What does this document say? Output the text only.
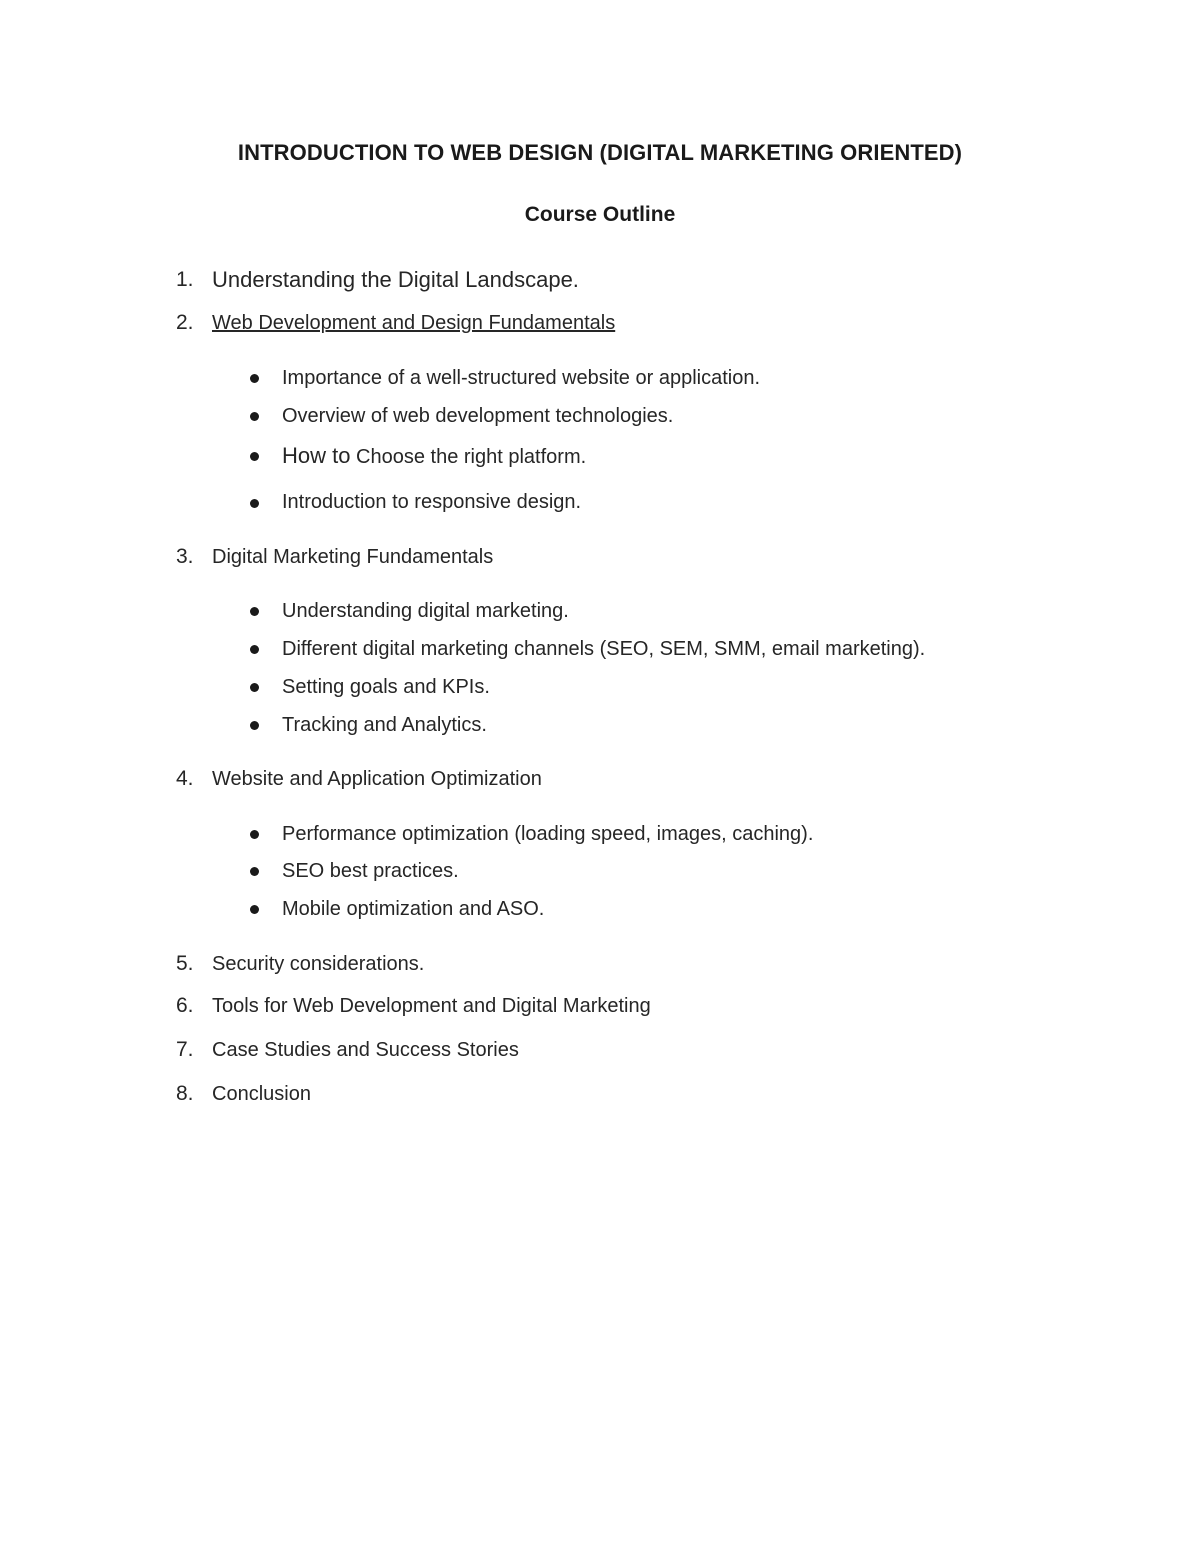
INTRODUCTION TO WEB DESIGN (DIGITAL MARKETING ORIENTED)
Course Outline
1. Understanding the Digital Landscape.
2. Web Development and Design Fundamentals
Importance of a well-structured website or application.
Overview of web development technologies.
How to Choose the right platform.
Introduction to responsive design.
3. Digital Marketing Fundamentals
Understanding digital marketing.
Different digital marketing channels (SEO, SEM, SMM, email marketing).
Setting goals and KPIs.
Tracking and Analytics.
4. Website and Application Optimization
Performance optimization (loading speed, images, caching).
SEO best practices.
Mobile optimization and ASO.
5. Security considerations.
6. Tools for Web Development and Digital Marketing
7. Case Studies and Success Stories
8. Conclusion
